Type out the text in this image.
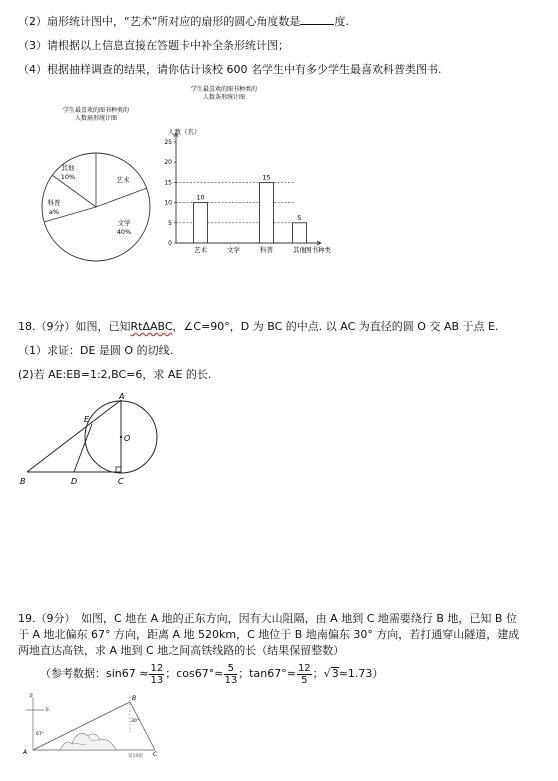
（2）扇形统计图中，“艺术”所对应的扇形的圆心角度数是	度.
（3）请根据以上信息直接在答题卡中补全条形统计图；
（4）根据抽样调查的结果，请你估计该校 600 名学生中有多少学生最喜欢科普类图书.
学生最喜欢的图书种类的
人数扇形统计图
其他
10%	艺术
科普
a%
文学
40%
学生最喜欢的图书种类的
人数条形统计图
人数（名）
0
5
10
15
20
25
10
艺术	文学
15
科普
5
其他 图书种类
18.（9分）如图，已知RtΔABC，∠C=90°，D 为 BC 的中点. 以 AC 为直径的圆 O 交 AB 于点 E.
（1）求证：DE 是圆 O 的切线.
(2)若 AE:EB=1:2,BC=6，求 AE 的长.
A
E
O
B	D	C
19.（9分）　如图，C 地在 A 地的正东方向，因有大山阻隔，由 A 地到 C 地需要绕行 B 地，已知 B 位
于 A 地北偏东 67° 方向，距离 A 地 520km，C 地位于 B 地南偏东 30° 方向，若打通穿山隧道，建成
两地直达高铁，求 A 地到 C 地之间高铁线路的长（结果保留整数）
（参考数据：$\sin 67 \approx \frac{12}{13}$ ；$\cos 67^\circ\approx \frac{5}{13}$ ；$\tan 67^\circ\approx \frac{12}{5}$ ；√3≈1.73）
北
东
A
B
C
67°
30°
第19题
